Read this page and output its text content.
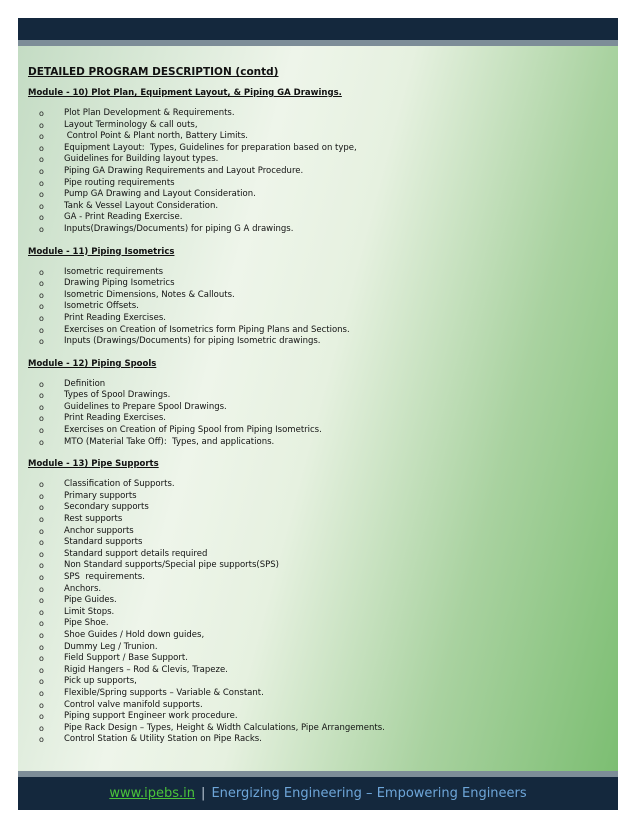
DETAILED PROGRAM DESCRIPTION (contd)
Module - 10) Plot Plan, Equipment Layout, & Piping GA Drawings.
o Plot Plan Development & Requirements.
o Layout Terminology & call outs,
o Control Point & Plant north, Battery Limits.
o Equipment Layout:  Types, Guidelines for preparation based on type,
o Guidelines for Building layout types.
o Piping GA Drawing Requirements and Layout Procedure.
o Pipe routing requirements
o Pump GA Drawing and Layout Consideration.
o Tank & Vessel Layout Consideration.
o GA - Print Reading Exercise.
o Inputs(Drawings/Documents) for piping G A drawings.
Module - 11) Piping Isometrics
o Isometric requirements
o Drawing Piping Isometrics
o Isometric Dimensions, Notes & Callouts.
o Isometric Offsets.
o Print Reading Exercises.
o Exercises on Creation of Isometrics form Piping Plans and Sections.
o Inputs (Drawings/Documents) for piping Isometric drawings.
Module - 12) Piping Spools
o Definition
o Types of Spool Drawings.
o Guidelines to Prepare Spool Drawings.
o Print Reading Exercises.
o Exercises on Creation of Piping Spool from Piping Isometrics.
o MTO (Material Take Off):  Types, and applications.
Module - 13) Pipe Supports
o Classification of Supports.
o Primary supports
o Secondary supports
o Rest supports
o Anchor supports
o Standard supports
o Standard support details required
o Non Standard supports/Special pipe supports(SPS)
o SPS  requirements.
o Anchors.
o Pipe Guides.
o Limit Stops.
o Pipe Shoe.
o Shoe Guides / Hold down guides,
o Dummy Leg / Trunion.
o Field Support / Base Support.
o Rigid Hangers – Rod & Clevis, Trapeze.
o Pick up supports,
o Flexible/Spring supports – Variable & Constant.
o Control valve manifold supports.
o Piping support Engineer work procedure.
o Pipe Rack Design – Types, Height & Width Calculations, Pipe Arrangements.
o Control Station & Utility Station on Pipe Racks.
www.ipebs.in | Energizing Engineering – Empowering Engineers
